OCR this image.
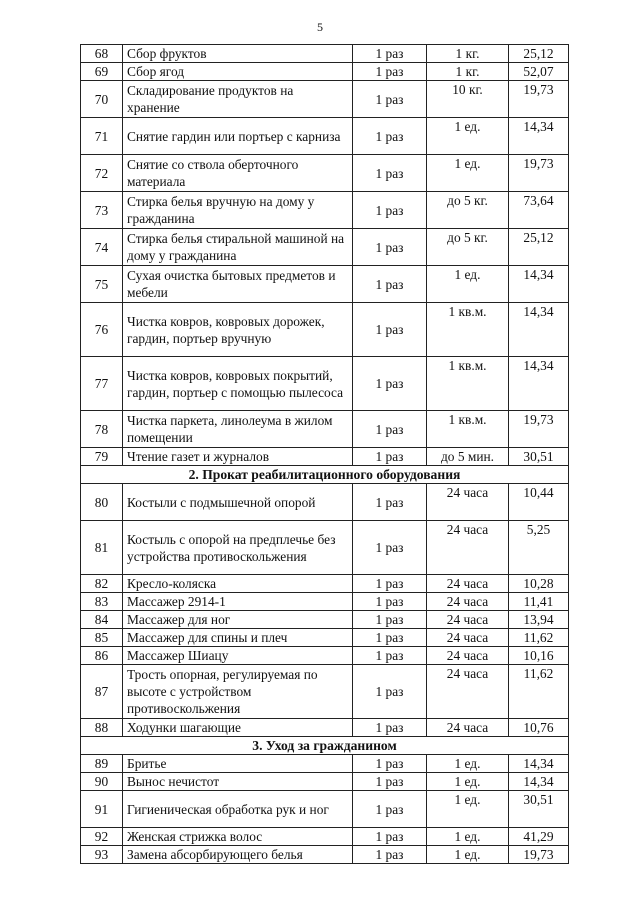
5
68	Сбор фруктов	1 раз	1 кг.	25,12
69	Сбор ягод	1 раз	1 кг.	52,07
70	Складирование продуктов на хранение	1 раз	10 кг.	19,73
71	Снятие гардин или портьер с карниза	1 раз	1 ед.	14,34
72	Снятие со ствола оберточного материала	1 раз	1 ед.	19,73
73	Стирка белья вручную на дому у гражданина	1 раз	до 5 кг.	73,64
74	Стирка белья стиральной машиной на дому у гражданина	1 раз	до 5 кг.	25,12
75	Сухая очистка бытовых предметов и мебели	1 раз	1 ед.	14,34
76	Чистка ковров, ковровых дорожек, гардин, портьер вручную	1 раз	1 кв.м.	14,34
77	Чистка ковров, ковровых покрытий, гардин, портьер с помощью пылесоса	1 раз	1 кв.м.	14,34
78	Чистка паркета, линолеума в жилом помещении	1 раз	1 кв.м.	19,73
79	Чтение газет и журналов	1 раз	до 5 мин.	30,51
2. Прокат реабилитационного оборудования				
80	Костыли с подмышечной опорой	1 раз	24 часа	10,44
81	Костыль с опорой на предплечье без устройства противоскольжения	1 раз	24 часа	5,25
82	Кресло-коляска	1 раз	24 часа	10,28
83	Массажер 2914-1	1 раз	24 часа	11,41
84	Массажер для ног	1 раз	24 часа	13,94
85	Массажер для спины и плеч	1 раз	24 часа	11,62
86	Массажер Шиацу	1 раз	24 часа	10,16
87	Трость опорная, регулируемая по высоте с устройством противоскольжения	1 раз	24 часа	11,62
88	Ходунки шагающие	1 раз	24 часа	10,76
3. Уход за гражданином				
89	Бритье	1 раз	1 ед.	14,34
90	Вынос нечистот	1 раз	1 ед.	14,34
91	Гигиеническая обработка рук и ног	1 раз	1 ед.	30,51
92	Женская стрижка волос	1 раз	1 ед.	41,29
93	Замена абсорбирующего белья	1 раз	1 ед.	19,73
